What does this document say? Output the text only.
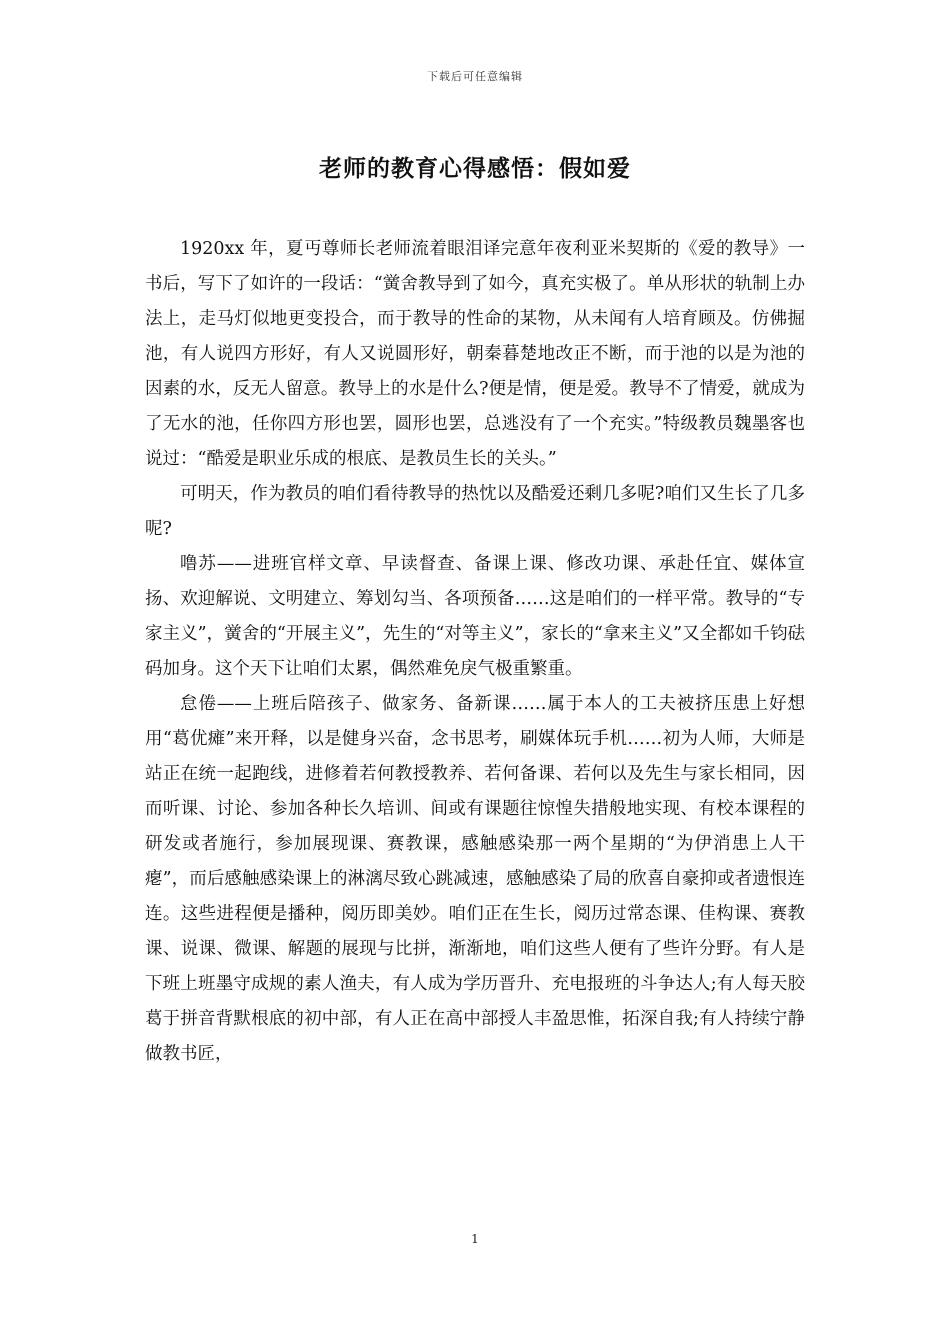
下载后可任意编辑
老师的教育心得感悟：假如爱

1920xx 年，夏丏尊师长老师流着眼泪译完意年夜利亚米契斯的《爱的教导》一书后，写下了如许的一段话：“黉舍教导到了如今，真充实极了。单从形状的轨制上办法上，走马灯似地更变投合，而于教导的性命的某物，从未闻有人培育顾及。仿佛掘池，有人说四方形好，有人又说圆形好，朝秦暮楚地改正不断，而于池的以是为池的因素的水，反无人留意。教导上的水是什么?便是情，便是爱。教导不了情爱，就成为了无水的池，任你四方形也罢，圆形也罢，总逃没有了一个充实。”特级教员魏墨客也说过：“酷爱是职业乐成的根底、是教员生长的关头。”

可明天，作为教员的咱们看待教导的热忱以及酷爱还剩几多呢?咱们又生长了几多呢?

噜苏——进班官样文章、早读督查、备课上课、修改功课、承赴任宜、媒体宣扬、欢迎解说、文明建立、筹划勾当、各项预备……这是咱们的一样平常。教导的“专家主义”，黉舍的“开展主义”，先生的“对等主义”，家长的“拿来主义”又全都如千钧砝码加身。这个天下让咱们太累，偶然难免戾气极重繁重。

怠倦——上班后陪孩子、做家务、备新课……属于本人的工夫被挤压患上好想用“葛优瘫”来开释，以是健身兴奋，念书思考，刷媒体玩手机……初为人师，大师是站正在统一起跑线，进修着若何教授教养、若何备课、若何以及先生与家长相同，因而听课、讨论、参加各种长久培训、间或有课题往惊惶失措般地实现、有校本课程的研发或者施行，参加展现课、赛教课，感触感染那一两个星期的“为伊消患上人干瘪”，而后感触感染课上的淋漓尽致心跳减速，感触感染了局的欣喜自豪抑或者遗恨连连。这些进程便是播种，阅历即美妙。咱们正在生长，阅历过常态课、佳构课、赛教课、说课、微课、解题的展现与比拼，渐渐地，咱们这些人便有了些许分野。有人是下班上班墨守成规的素人渔夫，有人成为学历晋升、充电报班的斗争达人;有人每天胶葛于拼音背默根底的初中部，有人正在高中部授人丰盈思惟，拓深自我;有人持续宁静做教书匠，

1
